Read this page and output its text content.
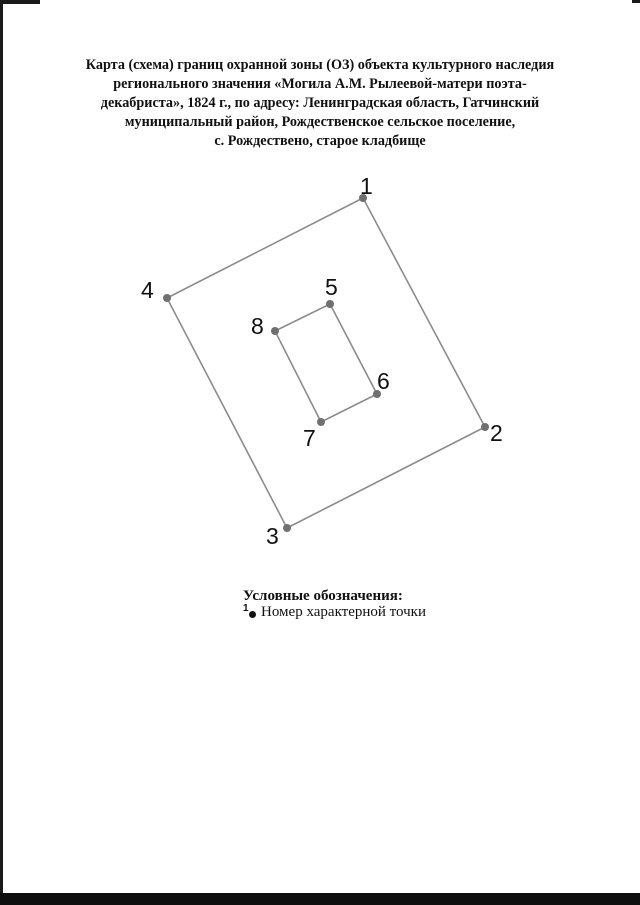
Карта (схема) границ охранной зоны (ОЗ) объекта культурного наследия
регионального значения «Могила А.М. Рылеевой-матери поэта-
декабриста», 1824 г., по адресу: Ленинградская область, Гатчинский
муниципальный район, Рождественское сельское поселение,
с. Рождествено, старое кладбище
1
2
3
4	5
6
7
8
Условные обозначения:
1 Номер характерной точки
